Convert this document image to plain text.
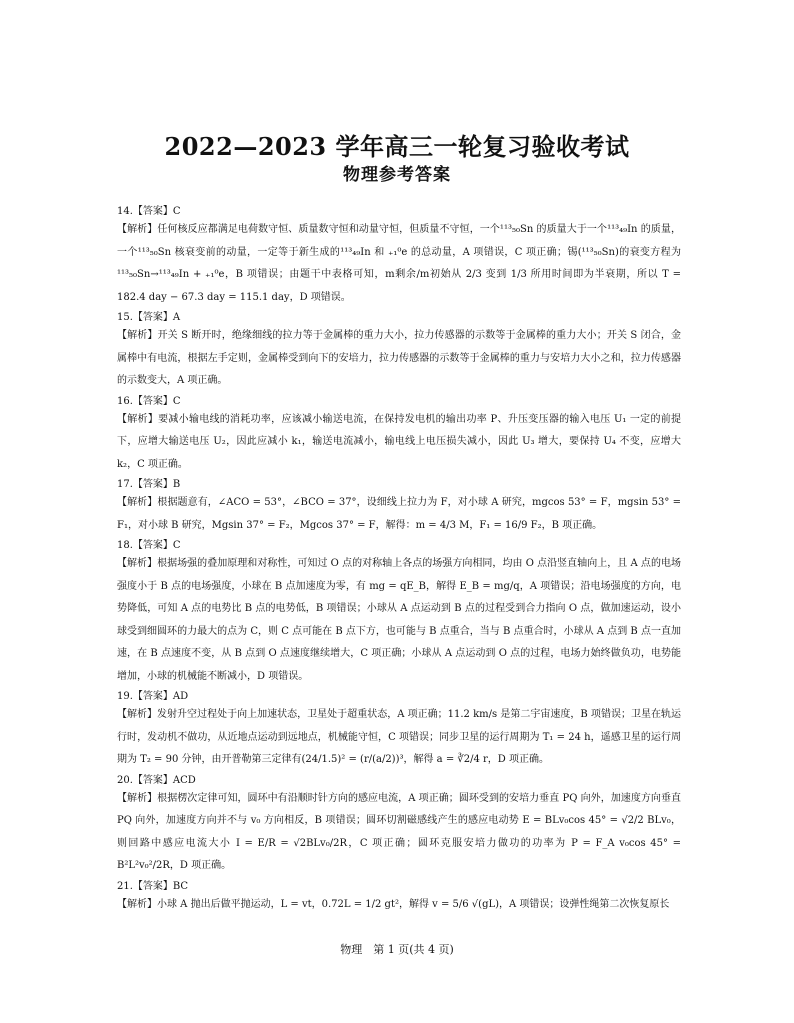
2022—2023 学年高三一轮复习验收考试
物理参考答案
14.【答案】C
【解析】任何核反应都满足电荷数守恒、质量数守恒和动量守恒，但质量不守恒，一个¹¹³₅₀Sn 的质量大于一个¹¹³₄₉In 的质量，一个¹¹³₅₀Sn 核衰变前的动量，一定等于新生成的¹¹³₄₉In 和 ₊₁⁰e 的总动量，A 项错误，C 项正确；锡(¹¹³₅₀Sn)的衰变方程为¹¹³₅₀Sn→¹¹³₄₉In + ₊₁⁰e，B 项错误；由题干中表格可知，m剩余/m初始从 2/3 变到 1/3 所用时间即为半衰期，所以 T = 182.4 day − 67.3 day = 115.1 day，D 项错误。
15.【答案】A
【解析】开关 S 断开时，绝缘细线的拉力等于金属棒的重力大小，拉力传感器的示数等于金属棒的重力大小；开关 S 闭合，金属棒中有电流，根据左手定则，金属棒受到向下的安培力，拉力传感器的示数等于金属棒的重力与安培力大小之和，拉力传感器的示数变大，A 项正确。
16.【答案】C
【解析】要减小输电线的消耗功率，应该减小输送电流，在保持发电机的输出功率 P、升压变压器的输入电压 U₁ 一定的前提下，应增大输送电压 U₂，因此应减小 k₁，输送电流减小，输电线上电压损失减小，因此 U₃ 增大，要保持 U₄ 不变，应增大 k₂，C 项正确。
17.【答案】B
【解析】根据题意有，∠ACO = 53°，∠BCO = 37°，设细线上拉力为 F，对小球 A 研究，mgcos 53° = F，mgsin 53° = F₁，对小球 B 研究，Mgsin 37° = F₂，Mgcos 37° = F，解得：m = 4/3 M，F₁ = 16/9 F₂，B 项正确。
18.【答案】C
【解析】根据场强的叠加原理和对称性，可知过 O 点的对称轴上各点的场强方向相同，均由 O 点沿竖直轴向上，且 A 点的电场强度小于 B 点的电场强度，小球在 B 点加速度为零，有 mg = qE_B，解得 E_B = mg/q，A 项错误；沿电场强度的方向，电势降低，可知 A 点的电势比 B 点的电势低，B 项错误；小球从 A 点运动到 B 点的过程受到合力指向 O 点，做加速运动，设小球受到细圆环的力最大的点为 C，则 C 点可能在 B 点下方，也可能与 B 点重合，当与 B 点重合时，小球从 A 点到 B 点一直加速，在 B 点速度不变，从 B 点到 O 点速度继续增大，C 项正确；小球从 A 点运动到 O 点的过程，电场力始终做负功，电势能增加，小球的机械能不断减小，D 项错误。
19.【答案】AD
【解析】发射升空过程处于向上加速状态，卫星处于超重状态，A 项正确；11.2 km/s 是第二宇宙速度，B 项错误；卫星在轨运行时，发动机不做功，从近地点运动到远地点，机械能守恒，C 项错误；同步卫星的运行周期为 T₁ = 24 h，遥感卫星的运行周期为 T₂ = 90 分钟，由开普勒第三定律有(24/1.5)² = (r/(a/2))³，解得 a = ∛2/4 r，D 项正确。
20.【答案】ACD
【解析】根据楞次定律可知，圆环中有沿顺时针方向的感应电流，A 项正确；圆环受到的安培力垂直 PQ 向外，加速度方向垂直 PQ 向外，加速度方向并不与 v₀ 方向相反，B 项错误；圆环切割磁感线产生的感应电动势 E = BLv₀cos 45° = √2/2 BLv₀，则回路中感应电流大小 I = E/R = √2BLv₀/2R，C 项正确；圆环克服安培力做功的功率为 P = F_A v₀cos 45° = B²L²v₀²/2R，D 项正确。
21.【答案】BC
【解析】小球 A 抛出后做平抛运动，L = vt，0.72L = 1/2 gt²，解得 v = 5/6 √(gL)，A 项错误；设弹性绳第二次恢复原长
物理　第 1 页(共 4 页)
